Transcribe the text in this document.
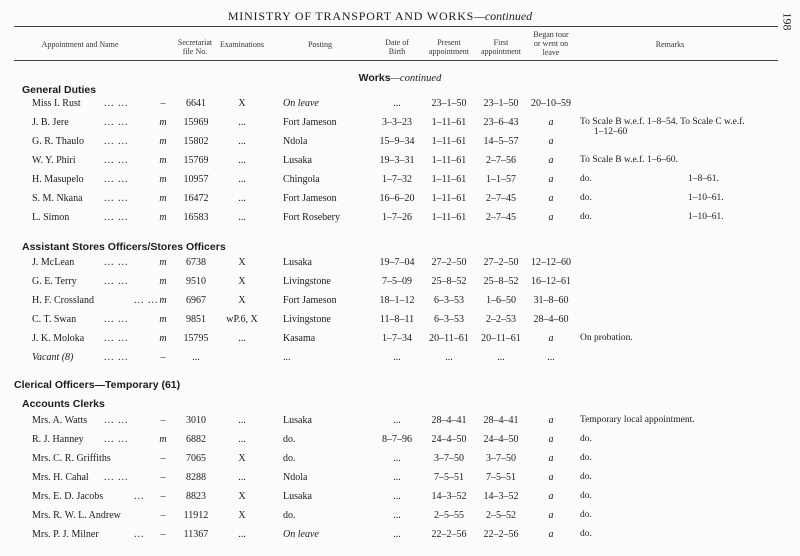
MINISTRY OF TRANSPORT AND WORKS—continued	198
Appointment and Name	Secretariat
file No.
Examinations	Posting	Date of
Birth
Present
appointment
First
appointment
Began tour
or went on
leave
Remarks
Works—continued
General Duties
Assistant Stores Officers/Stores Officers
Clerical Officers—Temporary (61)
Accounts Clerks
Miss I. Rust ... ...	–	6641	X	On leave	...	23–1–50	23–1–50	20–10–59
J. B. Jere	... ...	m	15969	...	Fort Jameson	3–3–23	1–11–61	23–6–43	a	To Scale B w.e.f. 1–8–54. To Scale C w.e.f.
1–12–60
G. R. Thaulo ... ...	m	15802	...	Ndola	15–9–34	1–11–61	14–5–57	a
W. Y. Phiri	... ...	m	15769	...	Lusaka	19–3–31	1–11–61	2–7–56	a	To Scale B w.e.f. 1–6–60.
H. Masupelo ... ...	m	10957	...	Chingola	1–7–32	1–11–61	1–1–57	a	do.	1–8–61.
S. M. Nkana ... ...	m	16472	...	Fort Jameson	16–6–20	1–11–61	2–7–45	a	do.	1–10–61.
L. Simon	... ...	m	16583	...	Fort Rosebery	1–7–26	1–11–61	2–7–45	a	do.	1–10–61.
J. McLean	... ...	m	6738	X	Lusaka	19–7–04	27–2–50	27–2–50	12–12–60
G. E. Terry	... ...	m	9510	X	Livingstone	7–5–09	25–8–52	25–8–52	16–12–61
H. F. Crossland	... ... m	6967	X	Fort Jameson	18–1–12	6–3–53	1–6–50	31–8–60
C. T. Swan	... ...	m	9851	wP.6, X	Livingstone	11–8–11	6–3–53	2–2–53	28–4–60
J. K. Moloka ... ...	m	15795	...	Kasama	1–7–34	20–11–61	20–11–61	a	On probation.
Vacant (8)	... ...	–	...	...	...	...	...	...
Mrs. A. Watts ... ...	–	3010	...	Lusaka	...	28–4–41	28–4–41	a	Temporary local appointment.
R. J. Hanney ... ...	m	6882	...	do.	8–7–96	24–4–50	24–4–50	a	do.
Mrs. C. R. Griffiths	–	7065	X	do.	...	3–7–50	3–7–50	a	do.
Mrs. H. Cahal ... ...	–	8288	...	Ndola	...	7–5–51	7–5–51	a	do.
Mrs. E. D. Jacobs	...	–	8823	X	Lusaka	...	14–3–52	14–3–52	a	do.
Mrs. R. W. L. Andrew	–	11912	X	do.	...	2–5–55	2–5–52	a	do.
Mrs. P. J. Milner	...	–	11367	...	On leave	...	22–2–56	22–2–56	a	do.
